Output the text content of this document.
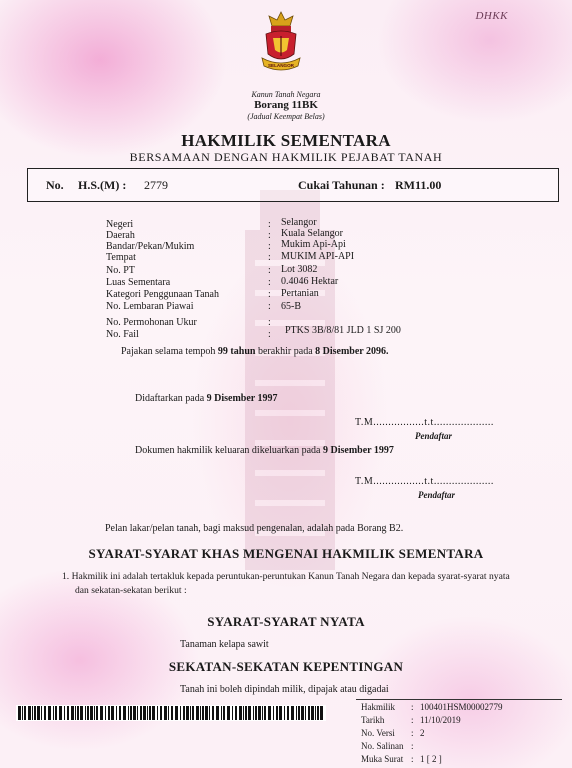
DHKK
SELANGOR
Kanun Tanah Negara
Borang 11BK
(Jadual Keempat Belas)
HAKMILIK SEMENTARA
BERSAMAAN DENGAN HAKMILIK PEJABAT TANAH
No. H.S.(M) : 2779	Cukai Tahunan : RM11.00
Negeri	: Selangor
Daerah	: Kuala Selangor
Bandar/Pekan/Mukim	: Mukim Api-Api
Tempat	: MUKIM API-API
No. PT	: Lot 3082
Luas Sementara	: 0.4046 Hektar
Kategori Penggunaan Tanah	: Pertanian
No. Lembaran Piawai	: 65-B
No. Permohonan Ukur	:
No. Fail	: PTKS 3B/8/81 JLD 1 SJ 200
Pajakan selama tempoh 99 tahun berakhir pada 8 Disember 2096.
Didaftarkan pada 9 Disember 1997
T.M.................t.t....................
Pendaftar
Dokumen hakmilik keluaran dikeluarkan pada 9 Disember 1997
T.M.................t.t....................
Pendaftar
Pelan lakar/pelan tanah, bagi maksud pengenalan, adalah pada Borang B2.
SYARAT-SYARAT KHAS MENGENAI HAKMILIK SEMENTARA
1. Hakmilik ini adalah tertakluk kepada peruntukan-peruntukan Kanun Tanah Negara dan kepada syarat-syarat nyata
dan sekatan-sekatan berikut :
SYARAT-SYARAT NYATA
Tanaman kelapa sawit
SEKATAN-SEKATAN KEPENTINGAN
Tanah ini boleh dipindah milik, dipajak atau digadai
Hakmilik : 100401HSM00002779
Tarikh	: 11/10/2019
No. Versi : 2
No. Salinan :
Muka Surat : 1 [ 2 ]
